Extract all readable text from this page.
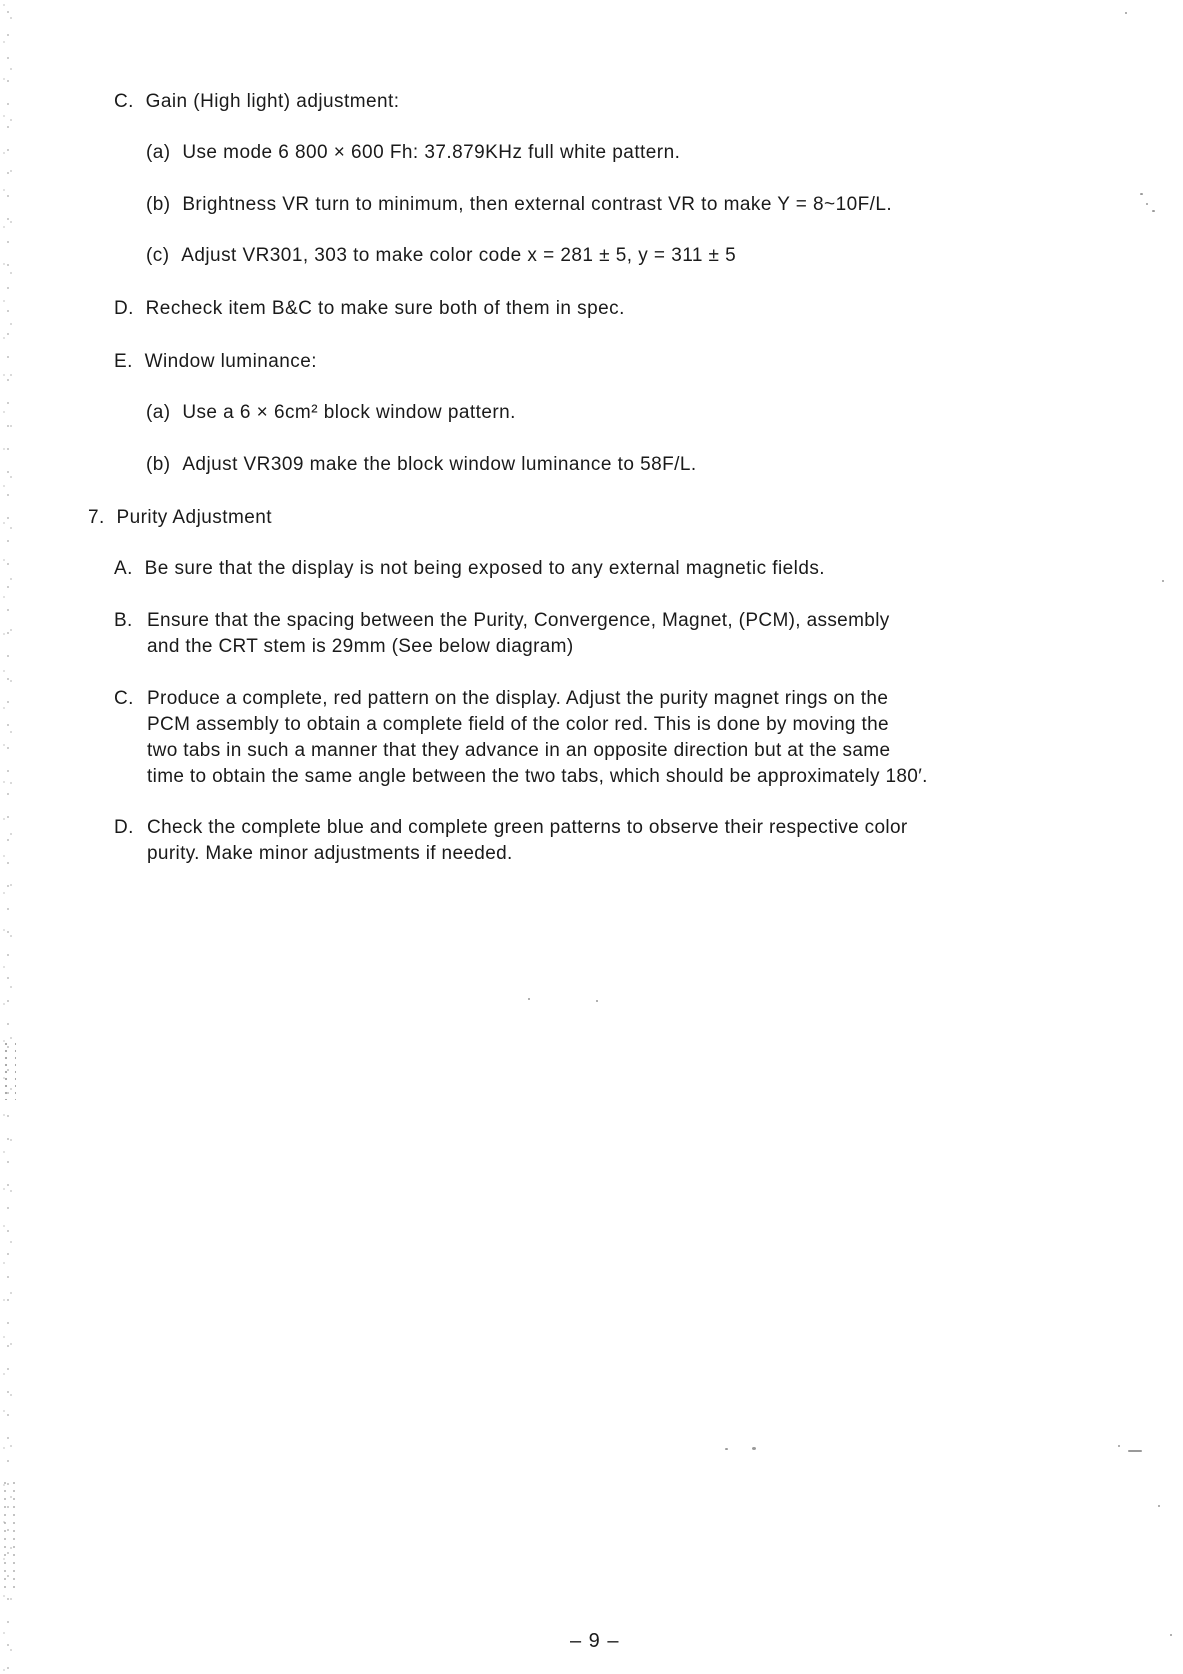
C. Gain (High light) adjustment:
(a) Use mode 6 800 × 600 Fh: 37.879KHz full white pattern.
(b) Brightness VR turn to minimum, then external contrast VR to make Y = 8~10F/L.
(c) Adjust VR301, 303 to make color code x = 281 ± 5, y = 311 ± 5
D. Recheck item B&C to make sure both of them in spec.
E. Window luminance:
(a) Use a 6 × 6cm² block window pattern.
(b) Adjust VR309 make the block window luminance to 58F/L.
7. Purity Adjustment
A. Be sure that the display is not being exposed to any external magnetic fields.
B. Ensure that the spacing between the Purity, Convergence, Magnet, (PCM), assembly
and the CRT stem is 29mm (See below diagram)
C. Produce a complete, red pattern on the display. Adjust the purity magnet rings on the
PCM assembly to obtain a complete field of the color red. This is done by moving the
two tabs in such a manner that they advance in an opposite direction but at the same
time to obtain the same angle between the two tabs, which should be approximately 180′.
D. Check the complete blue and complete green patterns to observe their respective color
purity. Make minor adjustments if needed.
– 9 –
